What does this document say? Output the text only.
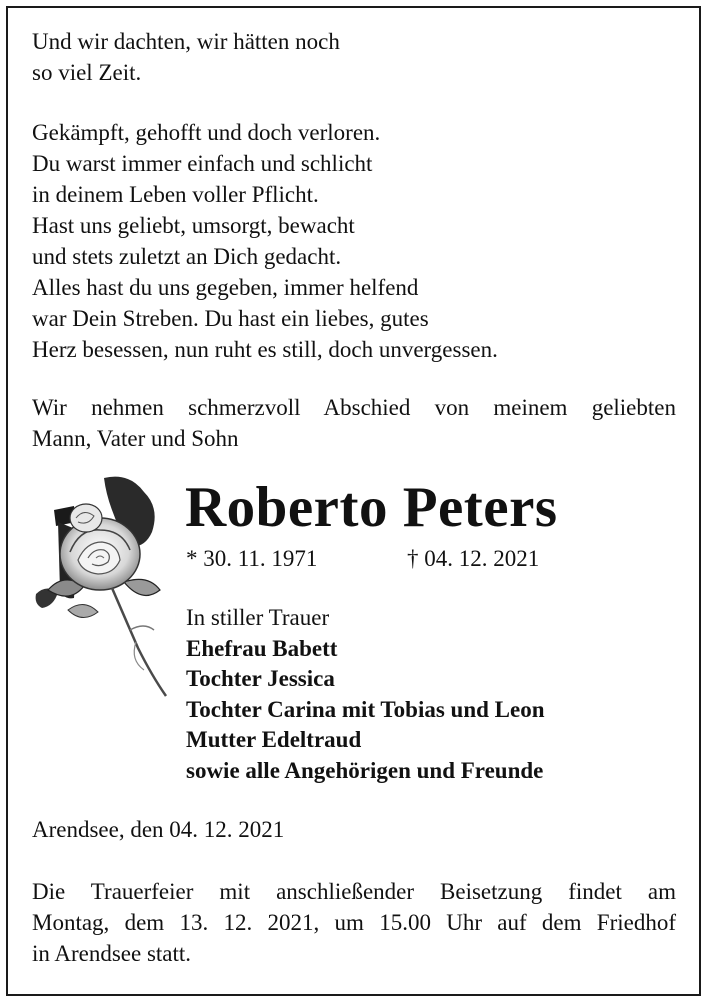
Und wir dachten, wir hätten noch
so viel Zeit.
Gekämpft, gehofft und doch verloren.
Du warst immer einfach und schlicht
in deinem Leben voller Pflicht.
Hast uns geliebt, umsorgt, bewacht
und stets zuletzt an Dich gedacht.
Alles hast du uns gegeben, immer helfend
war Dein Streben. Du hast ein liebes, gutes
Herz besessen, nun ruht es still, doch unvergessen.
Wir nehmen schmerzvoll Abschied von meinem geliebten
Mann, Vater und Sohn
Roberto Peters
* 30. 11. 1971	† 04. 12. 2021
In stiller Trauer
Ehefrau Babett
Tochter Jessica
Tochter Carina mit Tobias und Leon
Mutter Edeltraud
sowie alle Angehörigen und Freunde
Arendsee, den 04. 12. 2021
Die Trauerfeier mit anschließender Beisetzung findet am
Montag, dem 13. 12. 2021, um 15.00 Uhr auf dem Friedhof
in Arendsee statt.
